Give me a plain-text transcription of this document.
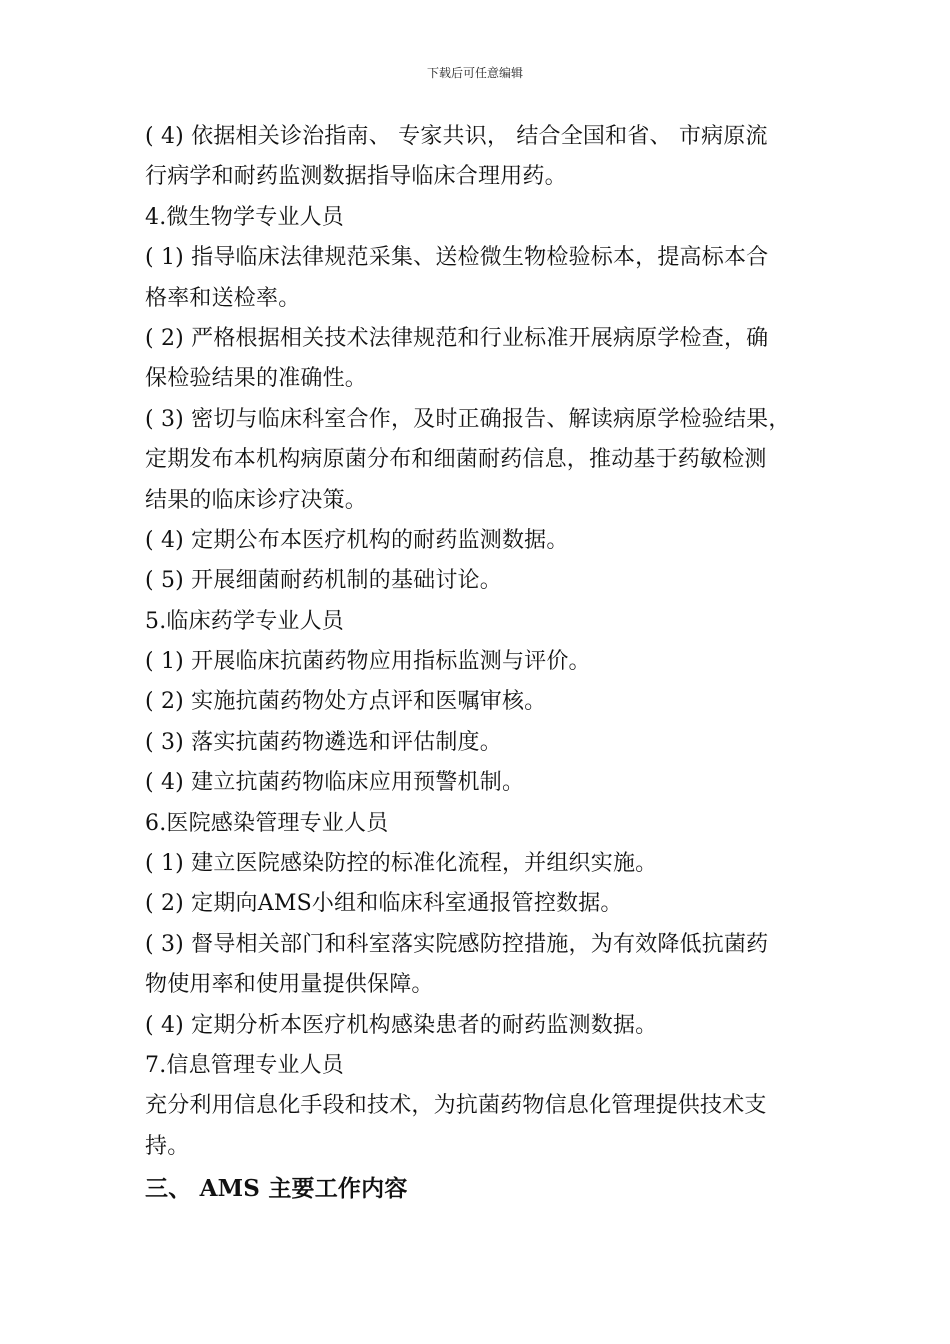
下载后可任意编辑
( 4) 依据相关诊治指南、 专家共识， 结合全国和省、 市病原流
行病学和耐药监测数据指导临床合理用药。
4.微生物学专业人员
( 1) 指导临床法律规范采集、送检微生物检验标本，提高标本合
格率和送检率。
( 2) 严格根据相关技术法律规范和行业标准开展病原学检查，确
保检验结果的准确性。
( 3) 密切与临床科室合作，及时正确报告、解读病原学检验结果，
定期发布本机构病原菌分布和细菌耐药信息，推动基于药敏检测
结果的临床诊疗决策。
( 4) 定期公布本医疗机构的耐药监测数据。
( 5) 开展细菌耐药机制的基础讨论。
5.临床药学专业人员
( 1) 开展临床抗菌药物应用指标监测与评价。
( 2) 实施抗菌药物处方点评和医嘱审核。
( 3) 落实抗菌药物遴选和评估制度。
( 4) 建立抗菌药物临床应用预警机制。
6.医院感染管理专业人员
( 1) 建立医院感染防控的标准化流程，并组织实施。
( 2) 定期向AMS小组和临床科室通报管控数据。
( 3) 督导相关部门和科室落实院感防控措施，为有效降低抗菌药
物使用率和使用量提供保障。
( 4) 定期分析本医疗机构感染患者的耐药监测数据。
7.信息管理专业人员
充分利用信息化手段和技术，为抗菌药物信息化管理提供技术支
持。
三、 AMS 主要工作内容
